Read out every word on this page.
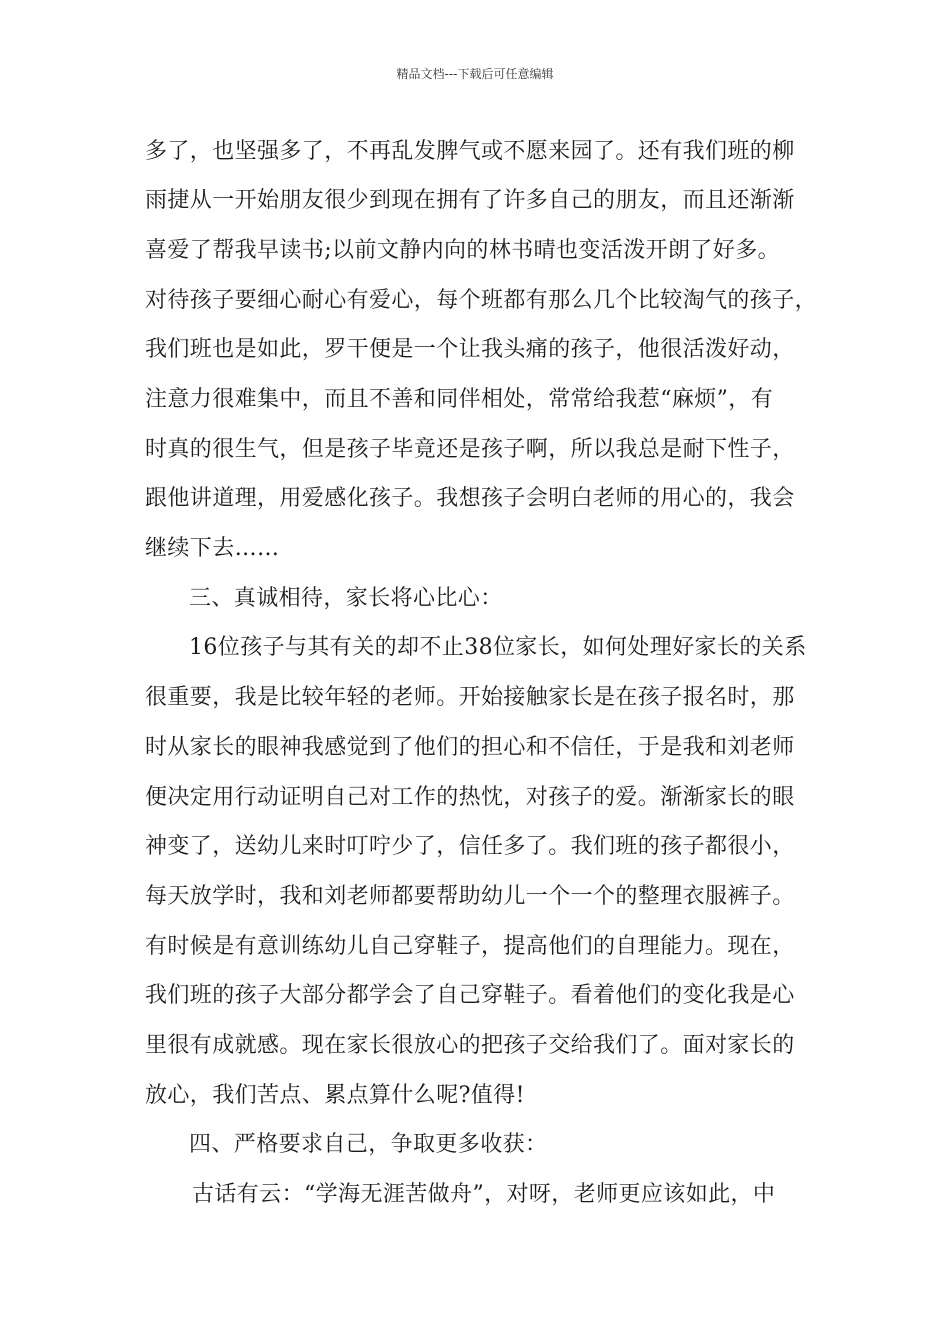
精品文档---下载后可任意编辑
多了，也坚强多了，不再乱发脾气或不愿来园了。还有我们班的柳
雨捷从一开始朋友很少到现在拥有了许多自己的朋友，而且还渐渐
喜爱了帮我早读书;以前文静内向的林书晴也变活泼开朗了好多。
对待孩子要细心耐心有爱心，每个班都有那么几个比较淘气的孩子，
我们班也是如此，罗干便是一个让我头痛的孩子，他很活泼好动，
注意力很难集中，而且不善和同伴相处，常常给我惹“麻烦”，有
时真的很生气，但是孩子毕竟还是孩子啊，所以我总是耐下性子，
跟他讲道理，用爱感化孩子。我想孩子会明白老师的用心的，我会
继续下去……
三、真诚相待，家长将心比心：
16位孩子与其有关的却不止38位家长，如何处理好家长的关系
很重要，我是比较年轻的老师。开始接触家长是在孩子报名时，那
时从家长的眼神我感觉到了他们的担心和不信任，于是我和刘老师
便决定用行动证明自己对工作的热忱，对孩子的爱。渐渐家长的眼
神变了，送幼儿来时叮咛少了，信任多了。我们班的孩子都很小，
每天放学时，我和刘老师都要帮助幼儿一个一个的整理衣服裤子。
有时候是有意训练幼儿自己穿鞋子，提高他们的自理能力。现在，
我们班的孩子大部分都学会了自己穿鞋子。看着他们的变化我是心
里很有成就感。现在家长很放心的把孩子交给我们了。面对家长的
放心，我们苦点、累点算什么呢?值得!
四、严格要求自己，争取更多收获：
古话有云：“学海无涯苦做舟”，对呀，老师更应该如此，中
